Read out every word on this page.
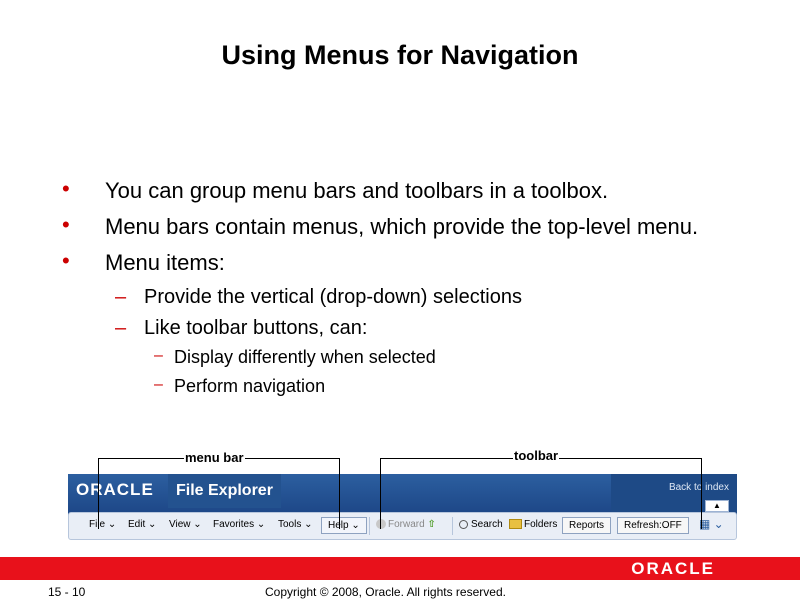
Using Menus for Navigation
• You can group menu bars and toolbars in a toolbox.
• Menu bars contain menus, which provide the top-level menu.
• Menu items:
– Provide the vertical (drop-down) selections
– Like toolbar buttons, can:
– Display differently when selected
– Perform navigation
ORACLE	File Explorer	Back to index
▲
File ⌄ Edit ⌄ View ⌄ Favorites ⌄ Tools ⌄	Help ⌄	Forward ⇧	Search	Folders	Reports	Refresh:OFF	▦ ⌄
menu bar	toolbar
ORACLE
15 - 10	Copyright © 2008, Oracle. All rights reserved.
